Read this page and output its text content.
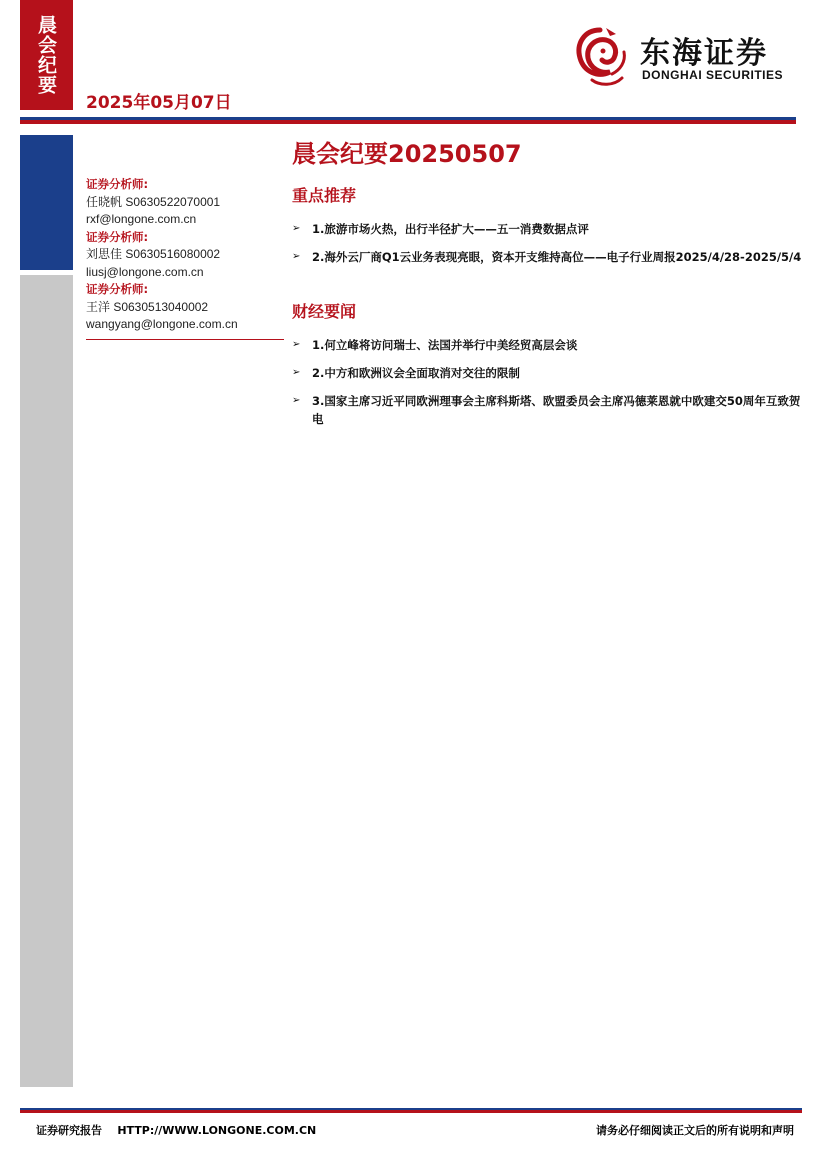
晨会纪要
2025年05月07日
东海证券
DONGHAI SECURITIES
证券分析师:
任晓帆 S0630522070001
rxf@longone.com.cn
证券分析师:
刘思佳 S0630516080002
liusj@longone.com.cn
证券分析师:
王洋 S0630513040002
wangyang@longone.com.cn
晨会纪要20250507
重点推荐
➢ 1.旅游市场火热，出行半径扩大——五一消费数据点评
➢ 2.海外云厂商Q1云业务表现亮眼，资本开支维持高位——电子行业周报2025/4/28-2025/5/4
财经要闻
➢ 1.何立峰将访问瑞士、法国并举行中美经贸高层会谈
➢ 2.中方和欧洲议会全面取消对交往的限制
➢ 3.国家主席习近平同欧洲理事会主席科斯塔、欧盟委员会主席冯德莱恩就中欧建交50周年互致贺电
证券研究报告    HTTP://WWW.LONGONE.COM.CN	请务必仔细阅读正文后的所有说明和声明
